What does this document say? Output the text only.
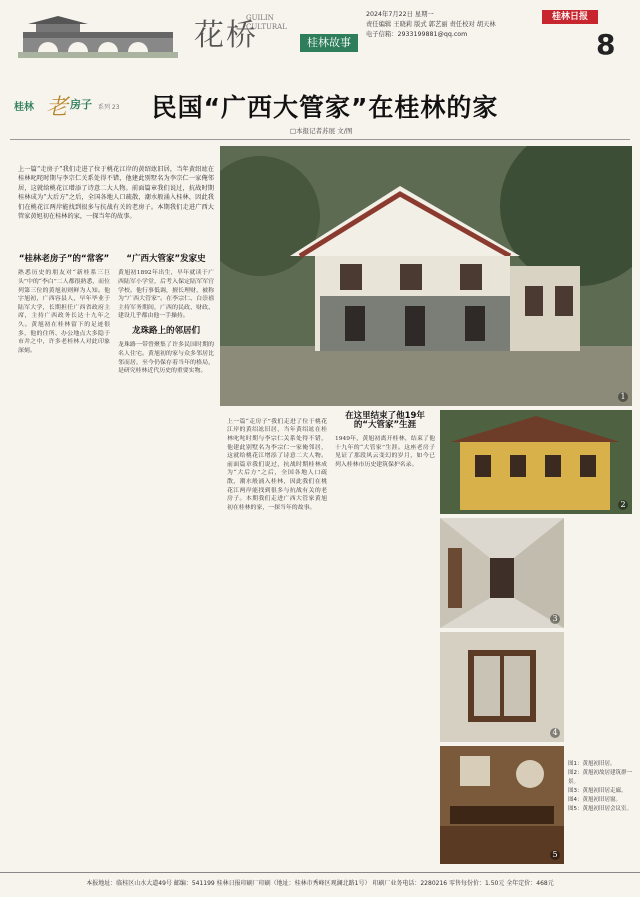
花桥
GUILIN CULTURAL
桂林故事
2024年7月22日 星期一
责任编辑 王晓莉 版式 郭艺丽 责任校对 胡天林
电子信箱：2933199881@qq.com
桂林日报
8
桂林 老 房子 系列 23 民国“广西大管家”在桂林的家
□本报记者苏展 文/图
1
2
3
4
5
上一篇“走房子”我们走进了位于桃花江岸的黄绍竑旧居，当年黄绍竑在桂林叱咤时期与李宗仁关系处得不错，他建此别墅名为李宗仁一家俺邻居，这就给桃花江增添了诗意二大人物。前面篇章我们说过，抗战时期桂林成为“大后方”之后，全国各地人口疏散，潮水般涌入桂林，因此我们在桃花江两岸能找到很多与抗战有关的老房子。本期我们走进广西大管家黄旭初在桂林的家，一探当年的故事。
“桂林老房子”的“常客”

熟悉历史的朋友对“新桂系三巨头”中的“李白”二人都很熟悉，而位列第三位的黄旭初则鲜为人知。他字旭初，广西容县人，早年毕业于陆军大学，长期担任广西省政府主席，主持广西政务长达十九年之久。黄旭初在桂林留下的足迹很多，他的住所、办公地点大多隐于市井之中，许多老桂林人对此印象深刻。

“广西大管家”发家史

黄旭初1892年出生，早年就读于广西陆军小学堂，后考入保定陆军军官学校。他行事低调，擅长理财，被称为“广西大管家”。在李宗仁、白崇禧主持军务期间，广西的民政、财政、建设几乎都由他一手操持。

龙珠路上的邻居们

龙珠路一带曾聚集了许多民国时期的名人住宅。黄旭初的家与众多邻居比邻而居，至今仍保存着当年的格局，是研究桂林近代历史的重要实物。

上一篇“走房子”我们走进了位于桃花江岸的黄绍竑旧居，当年黄绍竑在桂林叱咤时期与李宗仁关系处得不错，他建此别墅名为李宗仁一家俺邻居，这就给桃花江增添了诗意二大人物。前面篇章我们说过，抗战时期桂林成为“大后方”之后，全国各地人口疏散，潮水般涌入桂林，因此我们在桃花江两岸能找到很多与抗战有关的老房子。本期我们走进广西大管家黄旭初在桂林的家，一探当年的故事。

在这里结束了他19年的“大管家”生涯

1949年，黄旭初离开桂林，结束了他十九年的“大管家”生涯。这座老房子见证了那段风云变幻的岁月，如今已列入桂林市历史建筑保护名录。

图1：黄旭初旧居。
图2：黄旭初故居建筑群一景。
图3：黄旭初旧居走廊。
图4：黄旭初旧居窗。
图5：黄旭初旧居会议室。
本报地址：临桂区山水大道49号 邮编：541199 桂林日报印刷厂印刷（地址：桂林市秀峰区观澜北路1号） 印刷厂业务电话：2280216 零售每份价：1.50元 全年定价：468元
